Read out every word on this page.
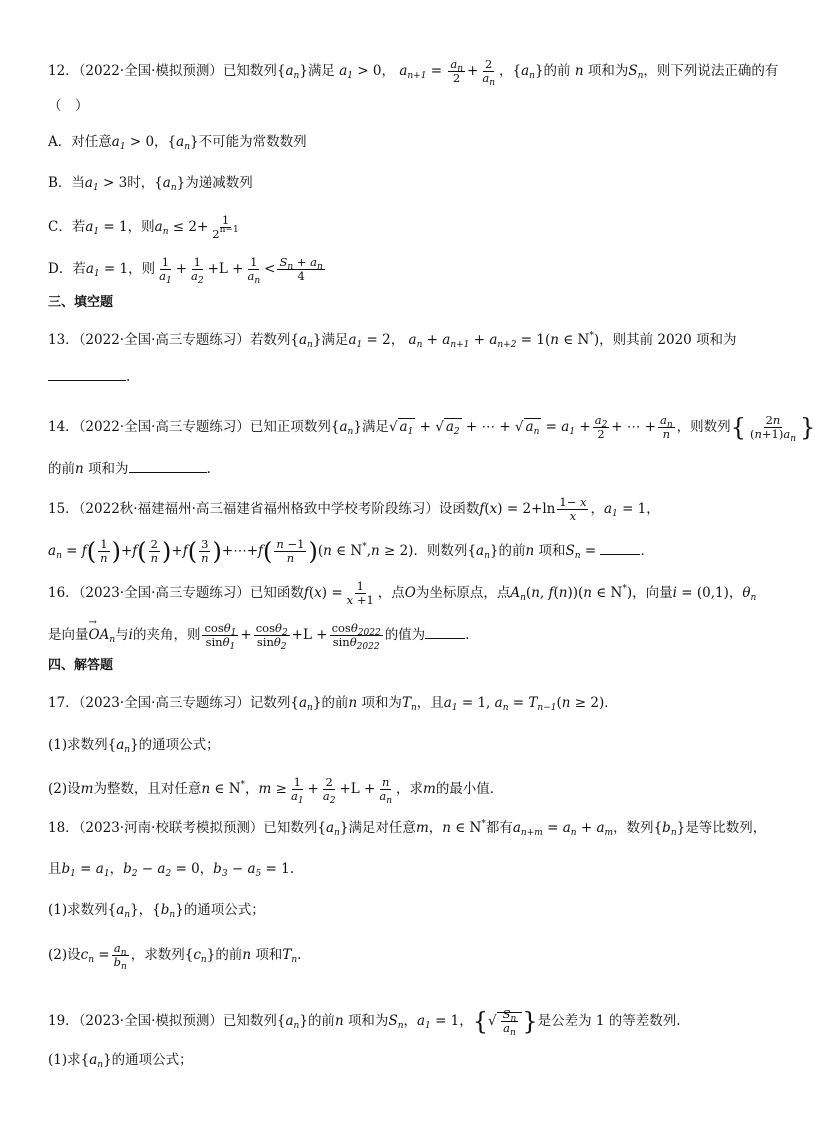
12．（2022·全国·模拟预测）已知数列$\{a_n\}$满足 $a_1 > 0$， $a_{n+1} = \frac{a_n}{2} + \frac{2}{a_n}$ ，$\{a_n\}$的前 n 项和为$S_n$，则下列说法正确的有
（　）
A．对任意$a_1 > 0$，$\{a_n\}$不可能为常数数列
B．当$a_1 > 3$时，$\{a_n\}$为递减数列
C．若$a_1 = 1$，则$a_n \le 2+ \frac{1}{2^{n-1}}$
D．若$a_1 = 1$，则 $\frac{1}{a_1} + \frac{1}{a_2} +L + \frac{1}{a_n} < \frac{S_n + a_n}{4}$
三、填空题
13．（2022·全国·高三专题练习）若数列$\{a_n\}$满足$a_1 = 2$， $a_n + a_{n+1} + a_{n+2} = 1(n$ ∈ N*)，则其前 2020 项和为
.
14．（2022·全国·高三专题练习）已知正项数列$\{a_n\}$满足√ $a_1$ + √ $a_2$ + ⋯ + √ $a_n = a_1 + \frac{a_2}{2}$ + ⋯ + $\frac{a_n}{n}$ ，则数列{ $\frac{2n}{(n+1)a_n}$ }
的前n 项和为	.
15．（2022秋·福建福州·高三福建省福州格致中学校考阶段练习）设函数$f(x) = 2+\ln \frac{1- x}{x}$ ，$a_1 = 1$，
$a_n = f( \frac{1}{n} )+f( \frac{2}{n} )+f( \frac{3}{n}$ )+⋯+f( $\frac{n -1}{n} )(n$ ∈ N*,n ≥ 2)．则数列$\{a_n\}$的前n 项和$S_n$ =	．
16．（2023·全国·高三专题练习）已知函数$f(x) = \frac{1}{x +1}$ ，点O为坐标原点，点$A_n(n$, f(n))(n ∈ N*)，向量i = (0,1)，$\theta_n$
是向量→ $OA_n$与i的夹角，则 $\frac{\cos\theta_1}{\sin\theta_1} + \frac{\cos\theta_2}{\sin\theta_2} +L + \frac{\cos\theta_{2022}}{\sin\theta_{2022}}$ 的值为	．
四、解答题
17．（2023·全国·高三专题练习）记数列$\{a_n\}$的前n 项和为$T_n$，且$a_1 = 1$, $a_n = T_{n-1}(n \ge 2)$．
(1)求数列$\{a_n\}$的通项公式；
(2)设m为整数，且对任意n ∈ N*，$m \ge \frac{1}{a_1} + \frac{2}{a_2} +L + \frac{n}{a_n}$ ，求m的最小值．
18．（2023·河南·校联考模拟预测）已知数列$\{a_n\}$满足对任意m，n ∈ N*都有$a_{n+m} = a_n + a_m$，数列$\{b_n\}$是等比数列，
且$b_1 = a_1$，$b_2 - a_2 = 0$，$b_3 - a_5 = 1$.
(1)求数列$\{a_n\}$，$\{b_n\}$的通项公式；
(2)设$c_n = \frac{a_n}{b_n}$ ，求数列$\{c_n\}$的前n 项和$T_n$.
19．（2023·全国·模拟预测）已知数列$\{a_n\}$的前n 项和为$S_n$，$a_1 = 1$，{√ $\frac{S_n}{a_n}$ }是公差为 1 的等差数列.
(1)求$\{a_n\}$的通项公式；
